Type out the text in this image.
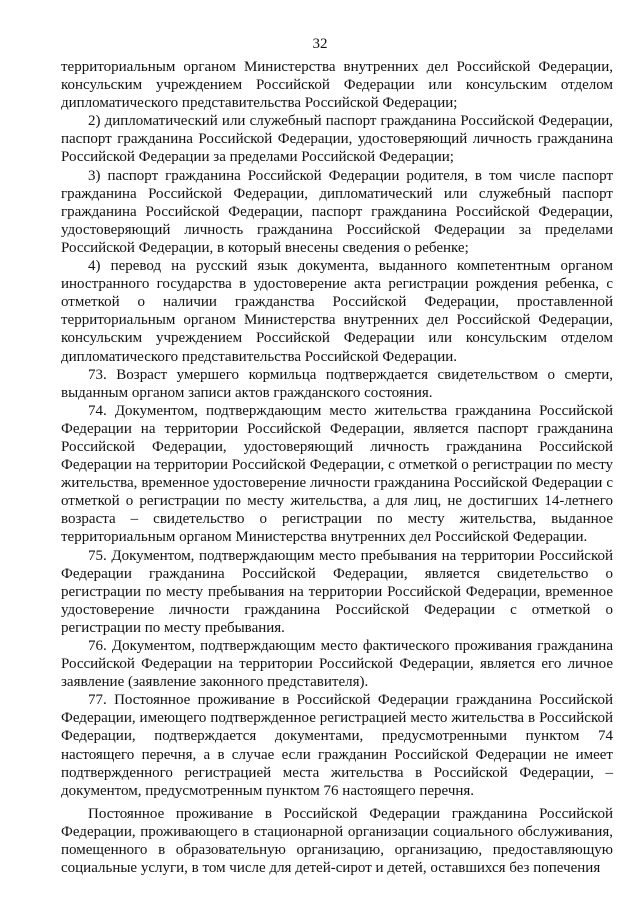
32

территориальным органом Министерства внутренних дел Российской Федерации, консульским учреждением Российской Федерации или консульским отделом дипломатического представительства Российской Федерации;

2) дипломатический или служебный паспорт гражданина Российской Федерации, паспорт гражданина Российской Федерации, удостоверяющий личность гражданина Российской Федерации за пределами Российской Федерации;

3) паспорт гражданина Российской Федерации родителя, в том числе паспорт гражданина Российской Федерации, дипломатический или служебный паспорт гражданина Российской Федерации, паспорт гражданина Российской Федерации, удостоверяющий личность гражданина Российской Федерации за пределами Российской Федерации, в который внесены сведения о ребенке;

4) перевод на русский язык документа, выданного компетентным органом иностранного государства в удостоверение акта регистрации рождения ребенка, с отметкой о наличии гражданства Российской Федерации, проставленной территориальным органом Министерства внутренних дел Российской Федерации, консульским учреждением Российской Федерации или консульским отделом дипломатического представительства Российской Федерации.

73. Возраст умершего кормильца подтверждается свидетельством о смерти, выданным органом записи актов гражданского состояния.

74. Документом, подтверждающим место жительства гражданина Российской Федерации на территории Российской Федерации, является паспорт гражданина Российской Федерации, удостоверяющий личность гражданина Российской Федерации на территории Российской Федерации, с отметкой о регистрации по месту жительства, временное удостоверение личности гражданина Российской Федерации с отметкой о регистрации по месту жительства, а для лиц, не достигших 14-летнего возраста – свидетельство о регистрации по месту жительства, выданное территориальным органом Министерства внутренних дел Российской Федерации.

75. Документом, подтверждающим место пребывания на территории Российской Федерации гражданина Российской Федерации, является свидетельство о регистрации по месту пребывания на территории Российской Федерации, временное удостоверение личности гражданина Российской Федерации с отметкой о регистрации по месту пребывания.

76. Документом, подтверждающим место фактического проживания гражданина Российской Федерации на территории Российской Федерации, является его личное заявление (заявление законного представителя).

77. Постоянное проживание в Российской Федерации гражданина Российской Федерации, имеющего подтвержденное регистрацией место жительства в Российской Федерации, подтверждается документами, предусмотренными пунктом 74 настоящего перечня, а в случае если гражданин Российской Федерации не имеет подтвержденного регистрацией места жительства в Российской Федерации, – документом, предусмотренным пунктом 76 настоящего перечня.

Постоянное проживание в Российской Федерации гражданина Российской Федерации, проживающего в стационарной организации социального обслуживания, помещенного в образовательную организацию, организацию, предоставляющую социальные услуги, в том числе для детей-сирот и детей, оставшихся без попечения
